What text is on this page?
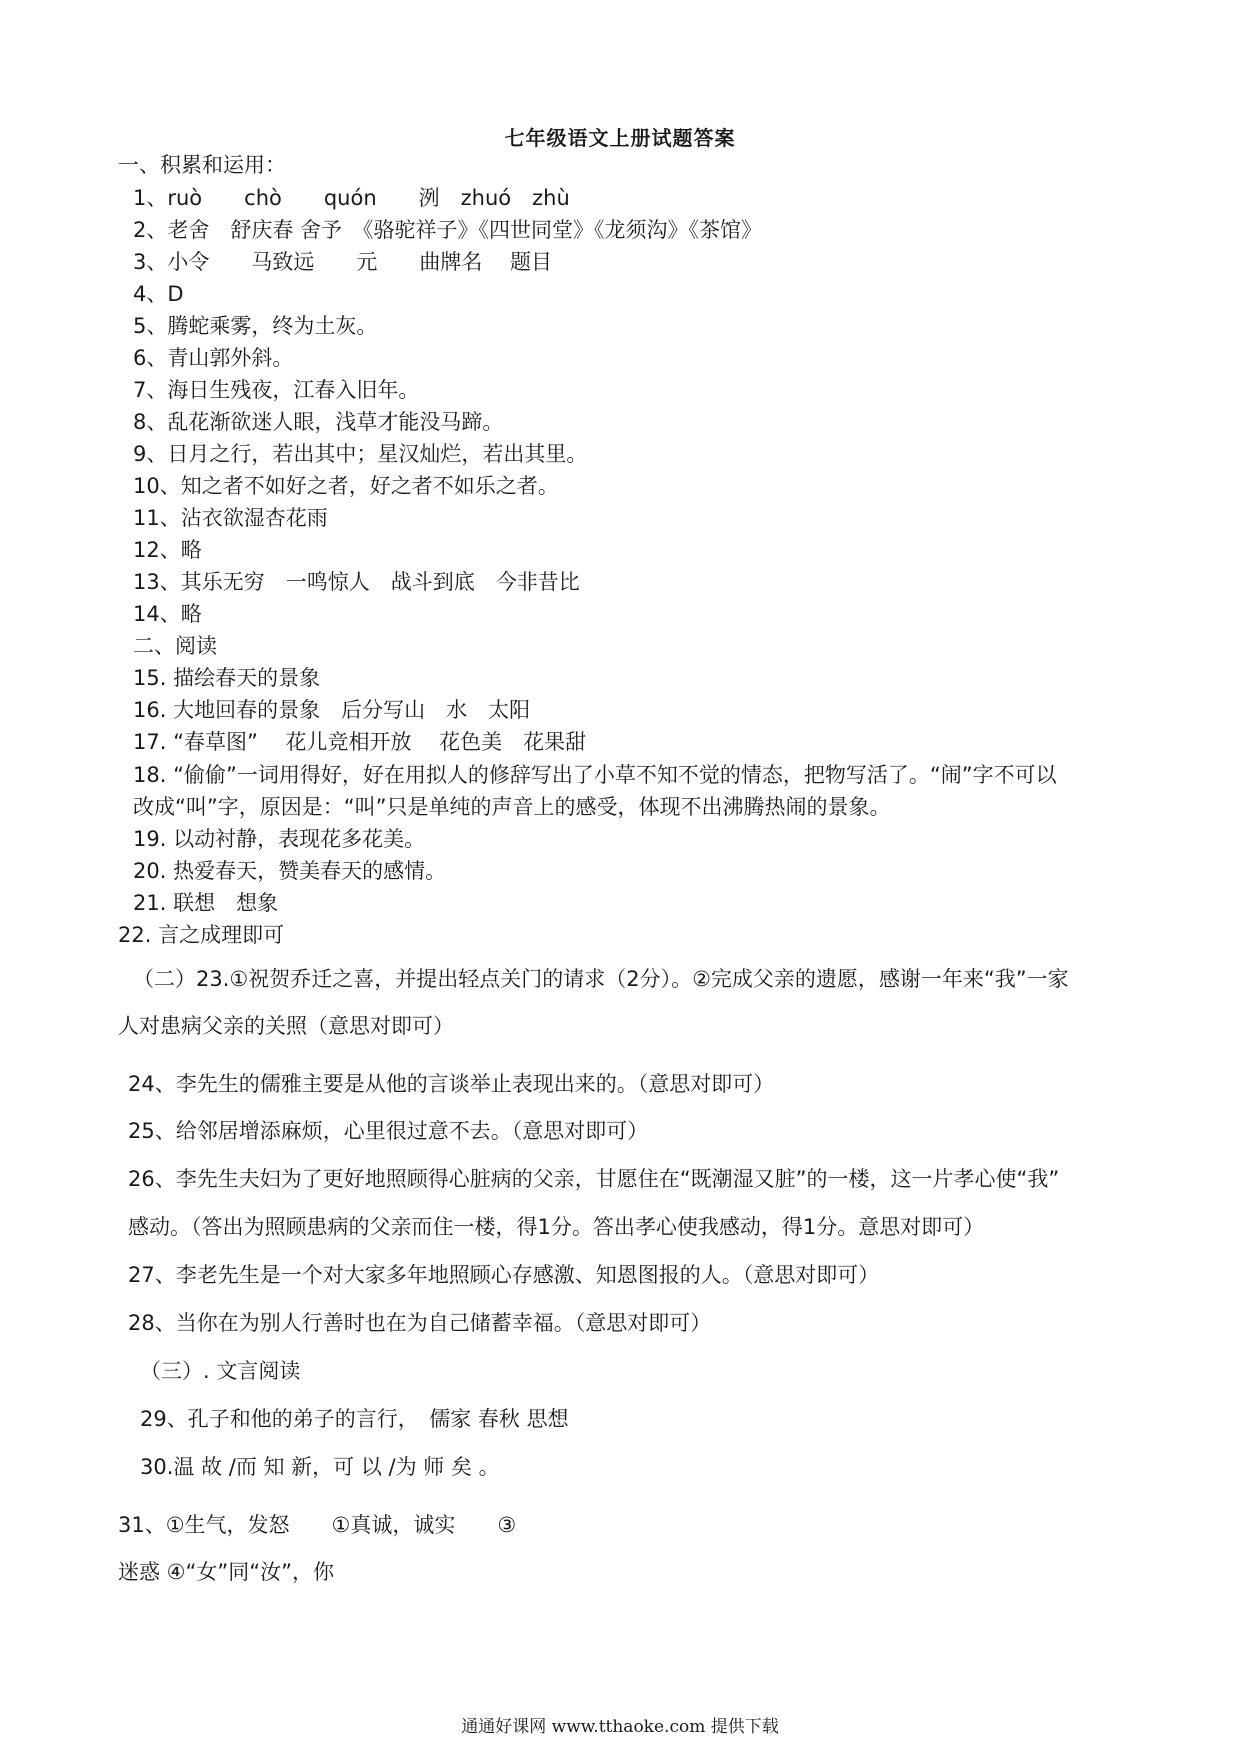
七年级语文上册试题答案
一、积累和运用：
1、ruò　　chò　　quón　　洌　zhuó　zhù
2、老舍　舒庆春 舍予　《骆驼祥子》《四世同堂》《龙须沟》《茶馆》
3、小令　　马致远　　元　　曲牌名　 题目
4、D
5、腾蛇乘雾，终为土灰。
6、青山郭外斜。
7、海日生残夜，江春入旧年。
8、乱花渐欲迷人眼，浅草才能没马蹄。
9、日月之行，若出其中；星汉灿烂，若出其里。
10、知之者不如好之者，好之者不如乐之者。
11、沾衣欲湿杏花雨
12、略
13、其乐无穷　一鸣惊人　战斗到底　今非昔比
14、略
二、阅读
15. 描绘春天的景象
16. 大地回春的景象　后分写山　水　太阳
17. “春草图”　 花儿竞相开放　 花色美　花果甜
18. “偷偷”一词用得好，好在用拟人的修辞写出了小草不知不觉的情态，把物写活了。“闹”字不可以
改成“叫”字，原因是：“叫”只是单纯的声音上的感受，体现不出沸腾热闹的景象。
19. 以动衬静，表现花多花美。
20. 热爱春天，赞美春天的感情。
21. 联想　想象
22. 言之成理即可
（二）23.①祝贺乔迁之喜，并提出轻点关门的请求（2分）。②完成父亲的遗愿，感谢一年来“我”一家
人对患病父亲的关照（意思对即可）
24、李先生的儒雅主要是从他的言谈举止表现出来的。（意思对即可）
25、给邻居增添麻烦，心里很过意不去。（意思对即可）
26、李先生夫妇为了更好地照顾得心脏病的父亲，甘愿住在“既潮湿又脏”的一楼，这一片孝心使“我”
感动。（答出为照顾患病的父亲而住一楼，得1分。答出孝心使我感动，得1分。意思对即可）
27、李老先生是一个对大家多年地照顾心存感激、知恩图报的人。（意思对即可）
28、当你在为别人行善时也在为自己储蓄幸福。（意思对即可）
（三）. 文言阅读
29、孔子和他的弟子的言行，　儒家 春秋 思想
30.温 故 /而 知 新，可 以 /为 师 矣 。
31、①生气，发怒　　①真诚，诚实　　③
迷惑 ④“女”同“汝”，你
通通好课网 www.tthaoke.com 提供下载
